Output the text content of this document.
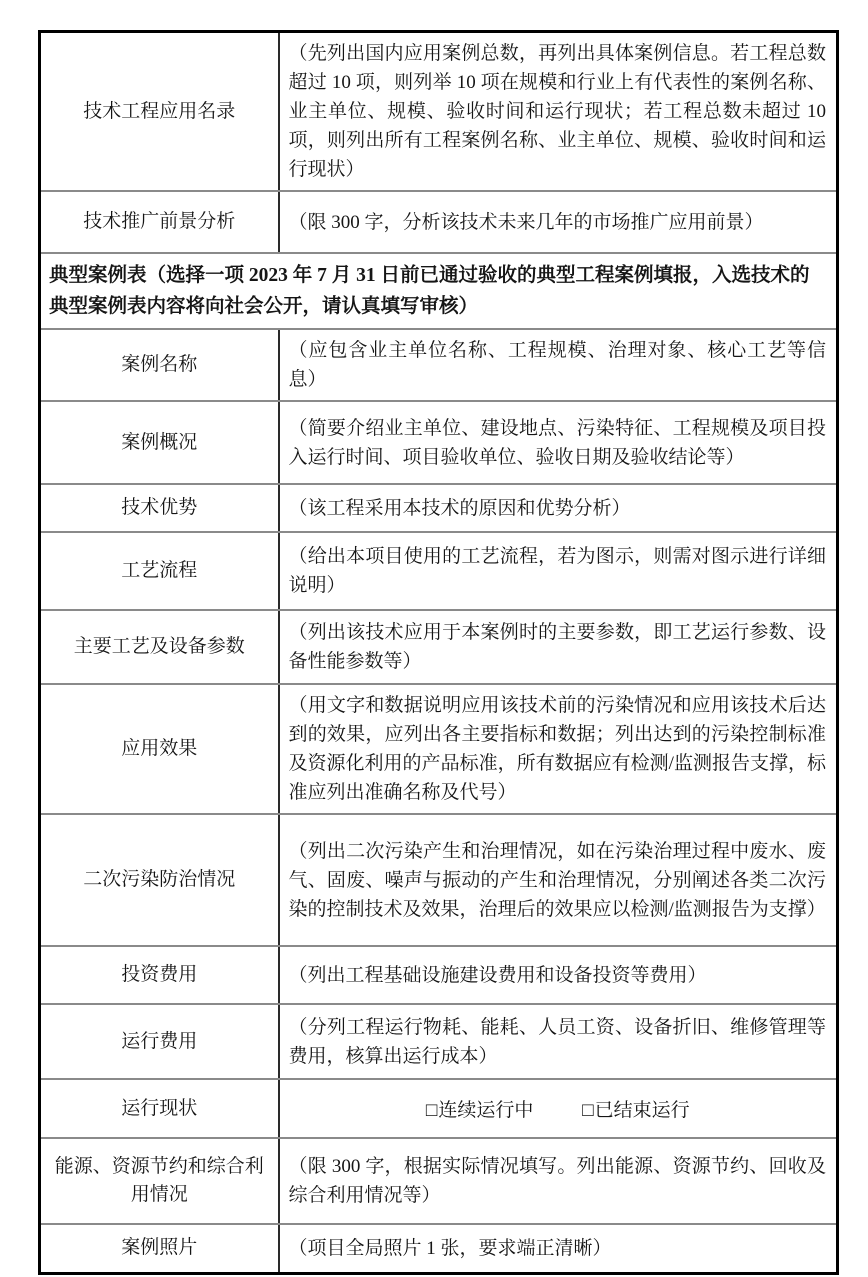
技术工程应用名录	（先列出国内应用案例总数，再列出具体案例信息。若工程总数超过 10 项，则列举 10 项在规模和行业上有代表性的案例名称、业主单位、规模、验收时间和运行现状；若工程总数未超过 10 项，则列出所有工程案例名称、业主单位、规模、验收时间和运行现状）
技术推广前景分析	（限 300 字，分析该技术未来几年的市场推广应用前景）
典型案例表（选择一项 2023 年 7 月 31 日前已通过验收的典型工程案例填报，入选技术的典型案例表内容将向社会公开，请认真填写审核）	
案例名称	（应包含业主单位名称、工程规模、治理对象、核心工艺等信息）
案例概况	（简要介绍业主单位、建设地点、污染特征、工程规模及项目投入运行时间、项目验收单位、验收日期及验收结论等）
技术优势	（该工程采用本技术的原因和优势分析）
工艺流程	（给出本项目使用的工艺流程，若为图示，则需对图示进行详细说明）
主要工艺及设备参数	（列出该技术应用于本案例时的主要参数，即工艺运行参数、设备性能参数等）
应用效果	（用文字和数据说明应用该技术前的污染情况和应用该技术后达到的效果，应列出各主要指标和数据；列出达到的污染控制标准及资源化利用的产品标准，所有数据应有检测/监测报告支撑，标准应列出准确名称及代号）
二次污染防治情况	（列出二次污染产生和治理情况，如在污染治理过程中废水、废气、固废、噪声与振动的产生和治理情况，分别阐述各类二次污染的控制技术及效果，治理后的效果应以检测/监测报告为支撑）
投资费用	（列出工程基础设施建设费用和设备投资等费用）
运行费用	（分列工程运行物耗、能耗、人员工资、设备折旧、维修管理等费用，核算出运行成本）
运行现状	□连续运行中 □已结束运行
能源、资源节约和综合利用情况	（限 300 字，根据实际情况填写。列出能源、资源节约、回收及综合利用情况等）
案例照片	（项目全局照片 1 张，要求端正清晰）
